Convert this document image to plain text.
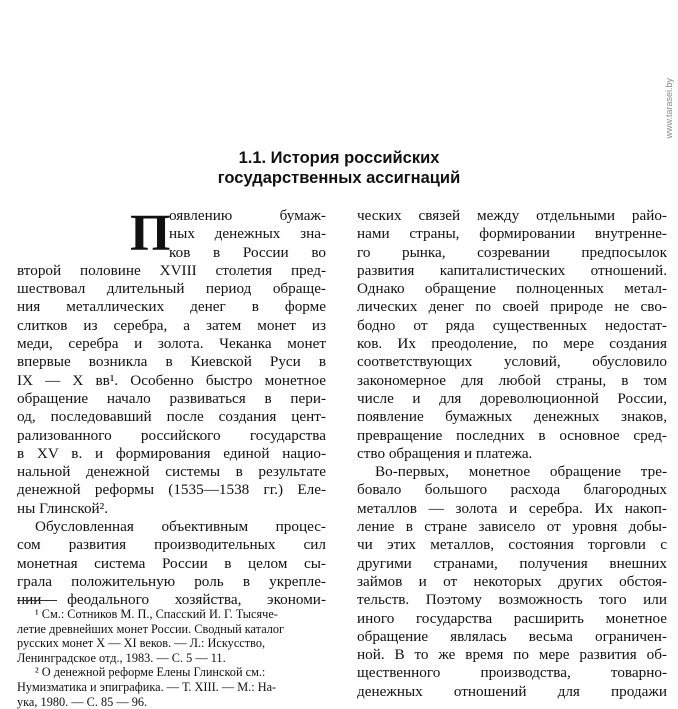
www.tarasei.by
1.1. История российских
государственных ассигнаций
П
оявлению бумаж-
ных денежных зна-
ков в России во
второй половине XVIII столетия пред-
шествовал длительный период обраще-
ния металлических денег в форме
слитков из серебра, а затем монет из
меди, серебра и золота. Чеканка монет
впервые возникла в Киевской Руси в
IX — X вв¹. Особенно быстро монетное
обращение начало развиваться в пери-
од, последовавший после создания цент-
рализованного российского государства
в XV в. и формирования единой нацио-
нальной денежной системы в результате
денежной реформы (1535—1538 гг.) Еле-
ны Глинской².
Обусловленная объективным процес-
сом развития производительных сил
монетная система России в целом сы-
грала положительную роль в укрепле-
нии феодального хозяйства, экономи-
ческих связей между отдельными райо-
нами страны, формировании внутренне-
го рынка, созревании предпосылок
развития капиталистических отношений.
Однако обращение полноценных метал-
лических денег по своей природе не сво-
бодно от ряда существенных недостат-
ков. Их преодоление, по мере создания
соответствующих условий, обусловило
закономерное для любой страны, в том
числе и для дореволюционной России,
появление бумажных денежных знаков,
превращение последних в основное сред-
ство обращения и платежа.
Во-первых, монетное обращение тре-
бовало большого расхода благородных
металлов — золота и серебра. Их накоп-
ление в стране зависело от уровня добы-
чи этих металлов, состояния торговли с
другими странами, получения внешних
займов и от некоторых других обстоя-
тельств. Поэтому возможность того или
иного государства расширить монетное
обращение являлась весьма ограничен-
ной. В то же время по мере развития об-
щественного производства, товарно-
денежных отношений для продажи
¹ См.: Сотников М. П., Спасский И. Г. Тысяче-
летие древнейших монет России. Сводный каталог
русских монет X — XI веков. — Л.: Искусство,
Ленинградское отд., 1983. — С. 5 — 11.
² О денежной реформе Елены Глинской см.:
Нумизматика и эпиграфика. — Т. XIII. — М.: На-
ука, 1980. — С. 85 — 96.
